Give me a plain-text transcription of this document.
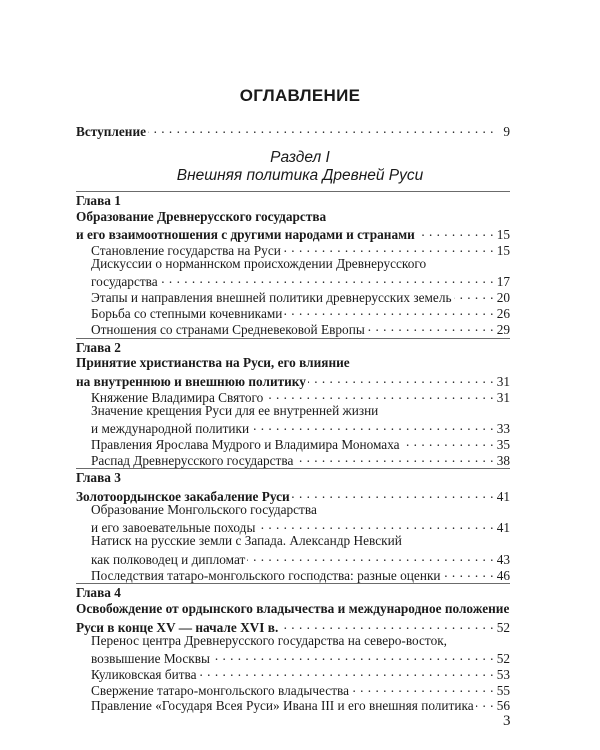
ОГЛАВЛЕНИЕ
Вступление . . .	9
Раздел I
Внешняя политика Древней Руси
Глава 1
Образование Древнерусского государства
и его взаимоотношения с другими народами и странами . . .	15
Становление государства на Руси . . .	15
Дискуссии о норманнском происхождении Древнерусского
государства . . .	17
Этапы и направления внешней политики древнерусских земель . . .	20
Борьба со степными кочевниками . . .	26
Отношения со странами Средневековой Европы . . .	29
Глава 2
Принятие христианства на Руси, его влияние
на внутреннюю и внешнюю политику . . .	31
Княжение Владимира Святого . . .	31
Значение крещения Руси для ее внутренней жизни
и международной политики . . .	33
Правления Ярослава Мудрого и Владимира Мономаха . . .	35
Распад Древнерусского государства . . .	38
Глава 3
Золотоордынское закабаление Руси . . .	41
Образование Монгольского государства
и его завоевательные походы . . .	41
Натиск на русские земли с Запада. Александр Невский
как полководец и дипломат . . .	43
Последствия татаро-монгольского господства: разные оценки . . .	46
Глава 4
Освобождение от ордынского владычества и международное положение
Руси в конце XV — начале XVI в. . . .	52
Перенос центра Древнерусского государства на северо-восток,
возвышение Москвы . . .	52
Куликовская битва . . .	53
Свержение татаро-монгольского владычества . . .	55
Правление «Государя Всея Руси» Ивана III и его внешняя политика . . . 56
3
